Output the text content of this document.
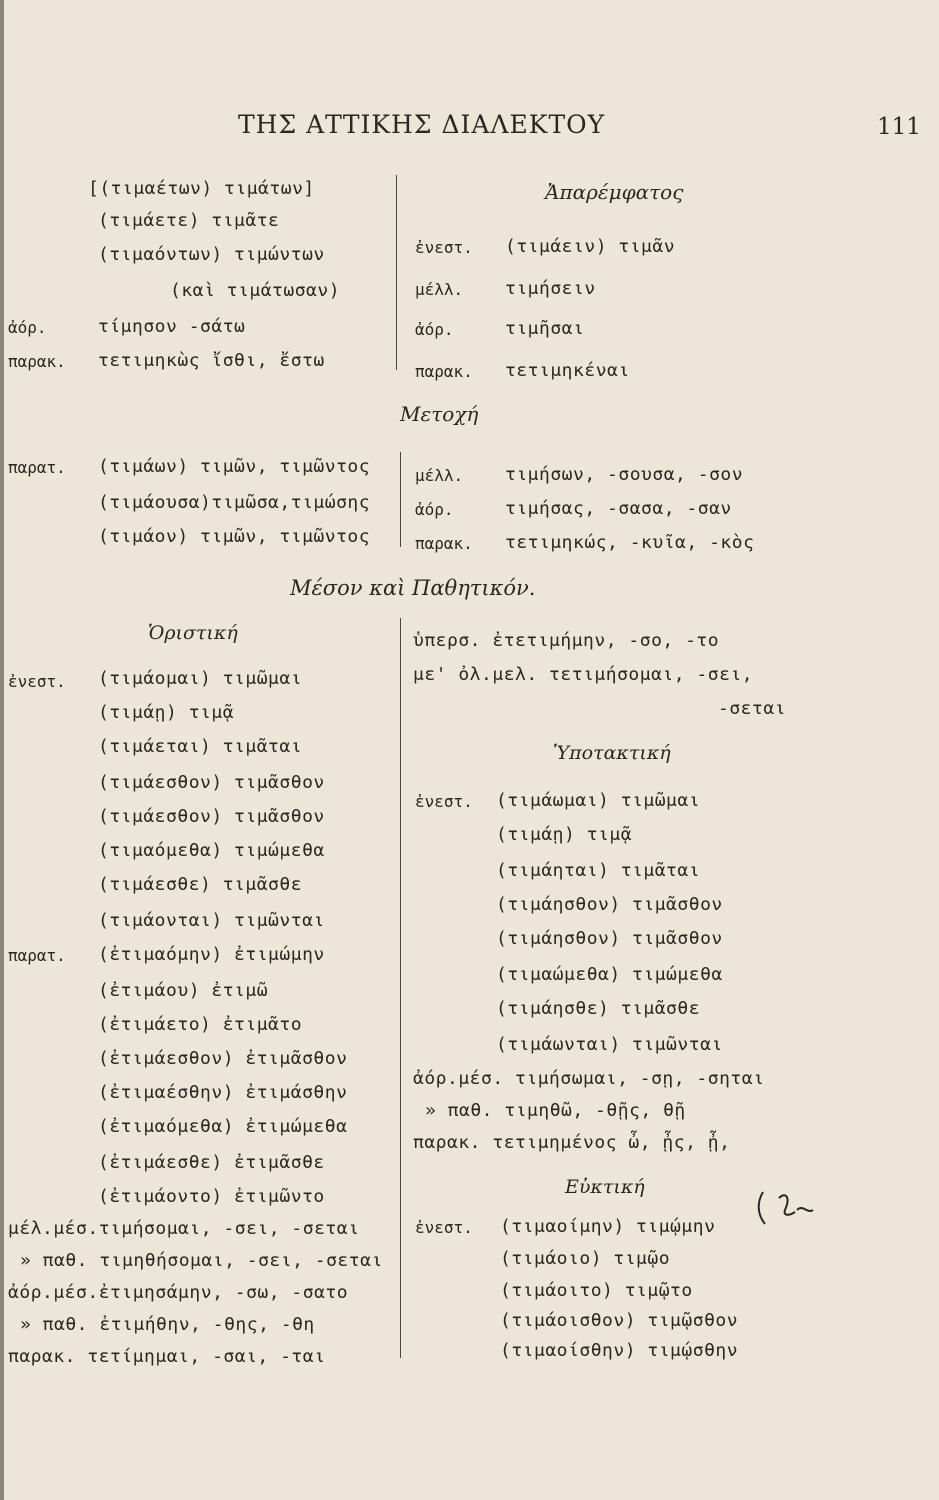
ΤΗΣ ΑΤΤΙΚΗΣ ΔΙΑΛΕΚΤΟΥ	111
[(τιμαέτων) τιμάτων]
(τιμάετε) τιμᾶτε
(τιμαόντων) τιμώντων
(καὶ τιμάτωσαν)
ἀόρ.	τίμησον -σάτω
παρακ. τετιμηκὼς ἴσθι, ἔστω
Ἀπαρέμφατος
ἐνεστ. (τιμάειν) τιμᾶν
μέλλ. τιμήσειν
ἀόρ.	τιμῆσαι
παρακ. τετιμηκέναι
Μετοχή
παρατ. (τιμάων) τιμῶν, τιμῶντος
(τιμάουσα)τιμῶσα,τιμώσης
(τιμάον) τιμῶν, τιμῶντος
μέλλ. τιμήσων, -σουσα, -σον
ἀόρ.	τιμήσας, -σασα, -σαν
παρακ. τετιμηκώς, -κυῖα, -κὸς
Μέσον καὶ Παθητικόν.
Ὁριστική
ἐνεστ. (τιμάομαι) τιμῶμαι
(τιμάῃ) τιμᾷ
(τιμάεται) τιμᾶται
(τιμάεσθον) τιμᾶσθον
(τιμάεσθον) τιμᾶσθον
(τιμαόμεθα) τιμώμεθα
(τιμάεσθε) τιμᾶσθε
(τιμάονται) τιμῶνται
παρατ. (ἐτιμαόμην) ἐτιμώμην
(ἐτιμάου) ἐτιμῶ
(ἐτιμάετο) ἐτιμᾶτο
(ἐτιμάεσθον) ἐτιμᾶσθον
(ἐτιμαέσθην) ἐτιμάσθην
(ἐτιμαόμεθα) ἐτιμώμεθα
(ἐτιμάεσθε) ἐτιμᾶσθε
(ἐτιμάοντο) ἐτιμῶντο
μέλ.μέσ.τιμήσομαι, -σει, -σεται
» παθ. τιμηθήσομαι, -σει, -σεται
ἀόρ.μέσ.ἐτιμησάμην, -σω, -σατο
» παθ. ἐτιμήθην, -θης, -θη
παρακ. τετίμημαι, -σαι, -ται
ὑπερσ. ἐτετιμήμην, -σο, -το
με' ὀλ.μελ. τετιμήσομαι, -σει,
-σεται
Ὑποτακτική
ἐνεστ. (τιμάωμαι) τιμῶμαι
(τιμάῃ) τιμᾷ
(τιμάηται) τιμᾶται
(τιμάησθον) τιμᾶσθον
(τιμάησθον) τιμᾶσθον
(τιμαώμεθα) τιμώμεθα
(τιμάησθε) τιμᾶσθε
(τιμάωνται) τιμῶνται
ἀόρ.μέσ. τιμήσωμαι, -σῃ, -σηται
» παθ. τιμηθῶ, -θῇς, θῇ
παρακ. τετιμημένος ὦ, ᾖς, ᾖ,
Εὐκτική
ἐνεστ. (τιμαοίμην) τιμῴμην
(τιμάοιο) τιμῷο
(τιμάοιτο) τιμῷτο
(τιμάοισθον) τιμῷσθον
(τιμαοίσθην) τιμῴσθην
